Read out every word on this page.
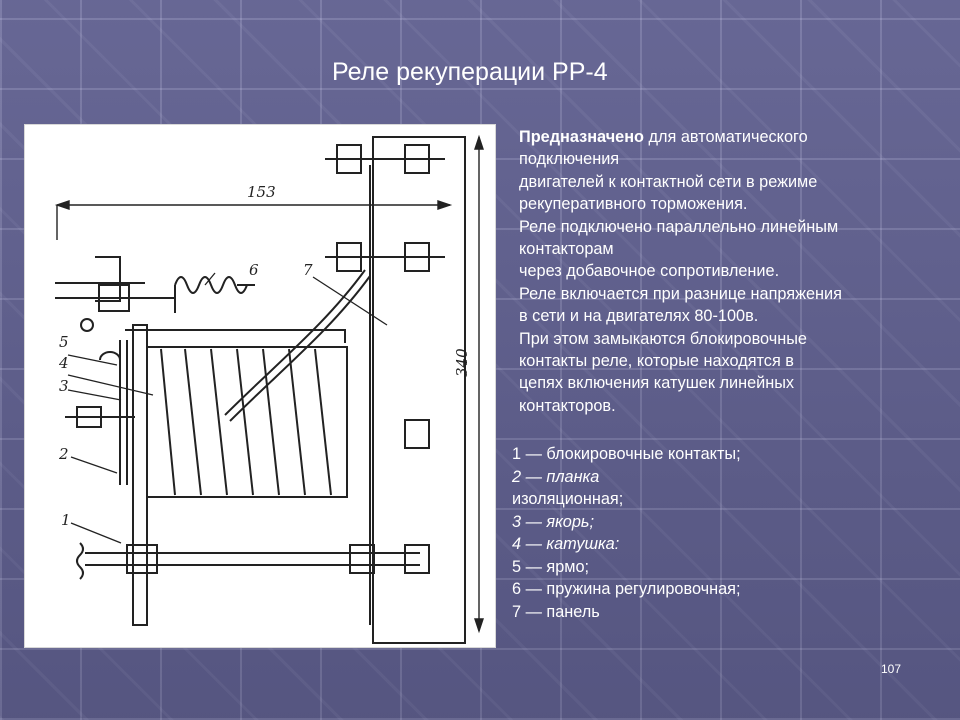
Реле рекуперации РР-4
153
340
1
2
3
4
5
6	7
Предназначено для автоматического
подключения
двигателей к контактной сети в режиме
рекуперативного торможения.
Реле подключено параллельно линейным
контакторам
через добавочное сопротивление.
Реле включается при разнице напряжения
в сети и на двигателях 80-100в.
При этом замыкаются блокировочные
контакты реле, которые находятся в
цепях включения катушек линейных
контакторов.
1 — блокировочные контакты;
2 — планка
изоляционная;
3 — якорь;
4 — катушка:
5 — ярмо;
6 — пружина регулировочная;
7 — панель
107
